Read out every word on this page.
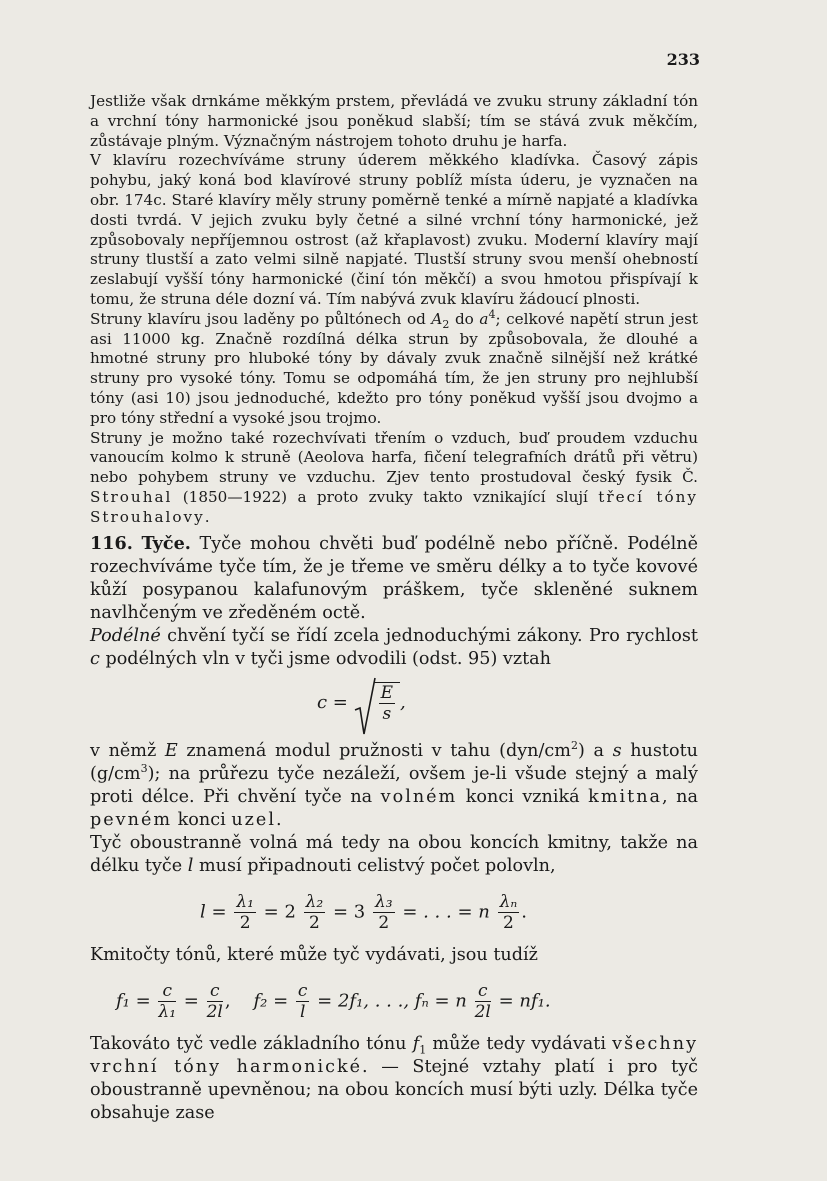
233

Jestliže však drnkáme měkkým prstem, převládá ve zvuku struny základní tón a vrchní tóny harmonické jsou poněkud slabší; tím se stává zvuk měkčím, zůstávaje plným. Význačným nástrojem tohoto druhu je harfa.

V klavíru rozechvíváme struny úderem měkkého kladívka. Časový zápis pohybu, jaký koná bod klavírové struny poblíž místa úderu, je vyznačen na obr. 174c. Staré klavíry měly struny poměrně tenké a mírně napjaté a kladívka dosti tvrdá. V jejich zvuku byly četné a silné vrchní tóny harmonické, jež způsobovaly nepříjemnou ostrost (až křaplavost) zvuku. Moderní klavíry mají struny tlustší a zato velmi silně napjaté. Tlustší struny svou menší ohebností zeslabují vyšší tóny harmonické (činí tón měkčí) a svou hmotou přispívají k tomu, že struna déle dozní vá. Tím nabývá zvuk klavíru žádoucí plnosti.

Struny klavíru jsou laděny po půltónech od $A_2$ do $a^4$; celkové napětí strun jest asi 11000 kg. Značně rozdílná délka strun by způsobovala, že dlouhé a hmotné struny pro hluboké tóny by dávaly zvuk značně silnější než krátké struny pro vysoké tóny. Tomu se odpomáhá tím, že jen struny pro nejhlubší tóny (asi 10) jsou jednoduché, kdežto pro tóny poněkud vyšší jsou dvojmo a pro tóny střední a vysoké jsou trojmo.

Struny je možno také rozechvívati třením o vzduch, buď proudem vzduchu vanoucím kolmo k struně (Aeolova harfa, fičení telegrafních drátů při větru) nebo pohybem struny ve vzduchu. Zjev tento prostudoval český fysik Č. Strouhal (1850—1922) a proto zvuky takto vznikající slují třecí tóny Strouhalovy.

116. Tyče. Tyče mohou chvěti buď podélně nebo příčně. Podélně rozechvíváme tyče tím, že je třeme ve směru délky a to tyče kovové kůží posypanou kalafunovým práškem, tyče skleněné suknem navlhčeným ve zředěném octě.

Podélné chvění tyčí se řídí zcela jednoduchými zákony. Pro rychlost c podélných vln v tyči jsme odvodili (odst. 95) vztah

$c = \frac{E}{s}$ ,

v němž E znamená modul pružnosti v tahu $(dyn/cm^2)$ a s hustotu $(g/cm^3)$; na průřezu tyče nezáleží, ovšem je-li všude stejný a malý proti délce. Při chvění tyče na volném konci vzniká kmitna, na pevném konci uzel.

Tyč oboustranně volná má tedy na obou koncích kmitny, takže na délku tyče l musí připadnouti celistvý počet polovln,

$l = \frac{\text{λ₁}}{2} = 2 \frac{\text{λ₂}}{2} = 3 \frac{\text{λ₃}}{2}$ = . . . = n $\frac{\text{λₙ}}{2}$ .

Kmitočty tónů, které může tyč vydávati, jsou tudíž

$f_1 = \frac{c}{\text{λ₁}} = \frac{c}{2l}$ , $f_2 = \frac{c}{l} = 2f_1$, . . ., fₙ = n $\frac{c}{2l} = nf_1$.

Takováto tyč vedle základního tónu $f_1$ může tedy vydávati všechny vrchní tóny harmonické. — Stejné vztahy platí i pro tyč oboustranně upevněnou; na obou koncích musí býti uzly. Délka tyče obsahuje zase
